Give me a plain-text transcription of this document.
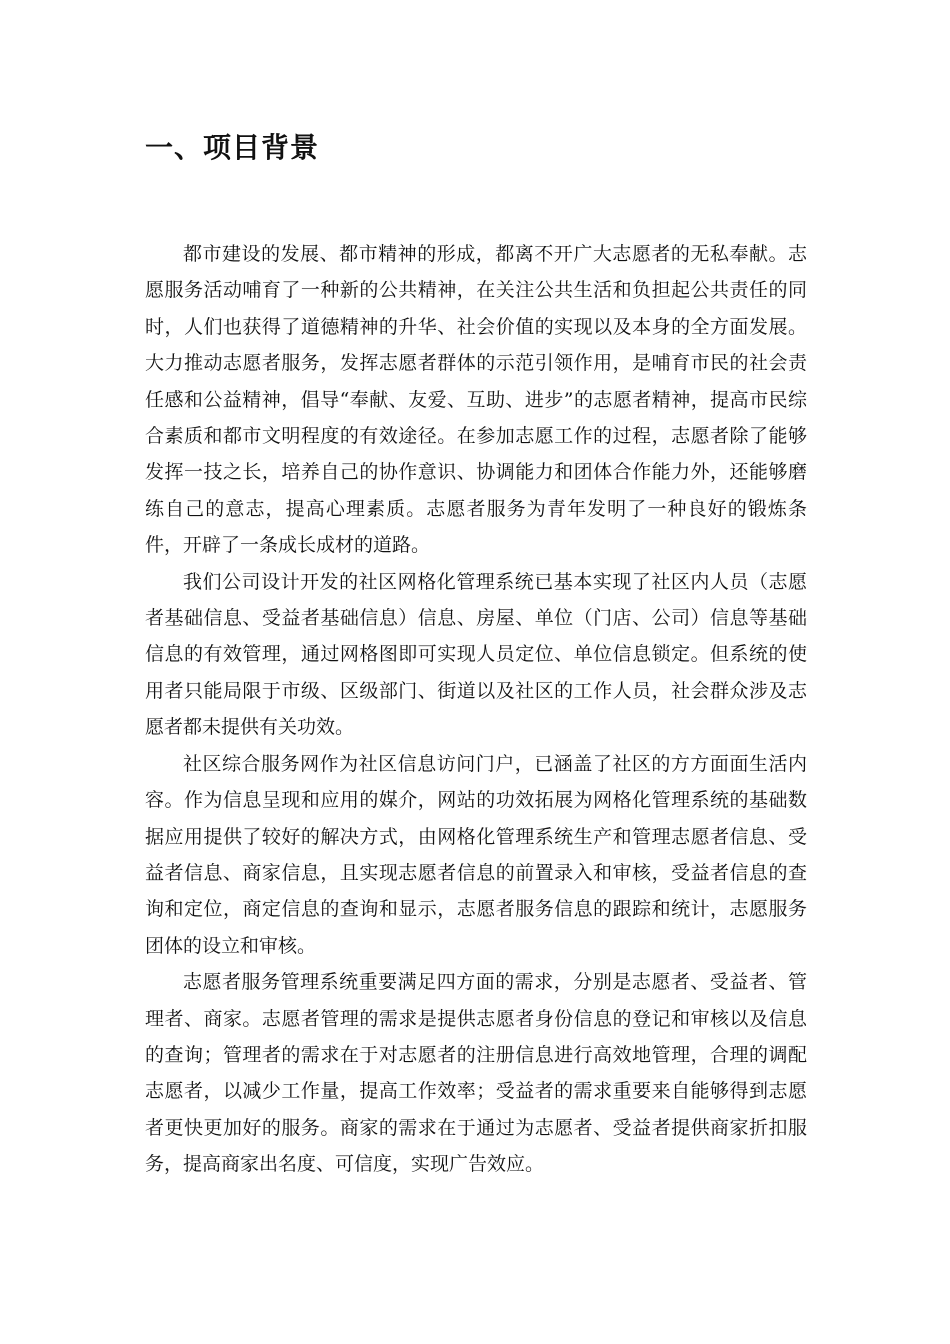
一、项目背景

都市建设的发展、都市精神的形成，都离不开广大志愿者的无私奉献。志愿服务活动哺育了一种新的公共精神，在关注公共生活和负担起公共责任的同时，人们也获得了道德精神的升华、社会价值的实现以及本身的全方面发展。大力推动志愿者服务，发挥志愿者群体的示范引领作用，是哺育市民的社会责任感和公益精神，倡导“奉献、友爱、互助、进步”的志愿者精神，提高市民综合素质和都市文明程度的有效途径。在参加志愿工作的过程，志愿者除了能够发挥一技之长，培养自己的协作意识、协调能力和团体合作能力外，还能够磨练自己的意志，提高心理素质。志愿者服务为青年发明了一种良好的锻炼条件，开辟了一条成长成材的道路。

我们公司设计开发的社区网格化管理系统已基本实现了社区内人员（志愿者基础信息、受益者基础信息）信息、房屋、单位（门店、公司）信息等基础信息的有效管理，通过网格图即可实现人员定位、单位信息锁定。但系统的使用者只能局限于市级、区级部门、街道以及社区的工作人员，社会群众涉及志愿者都未提供有关功效。

社区综合服务网作为社区信息访问门户，已涵盖了社区的方方面面生活内容。作为信息呈现和应用的媒介，网站的功效拓展为网格化管理系统的基础数据应用提供了较好的解决方式，由网格化管理系统生产和管理志愿者信息、受益者信息、商家信息，且实现志愿者信息的前置录入和审核，受益者信息的查询和定位，商定信息的查询和显示，志愿者服务信息的跟踪和统计，志愿服务团体的设立和审核。

志愿者服务管理系统重要满足四方面的需求，分别是志愿者、受益者、管理者、商家。志愿者管理的需求是提供志愿者身份信息的登记和审核以及信息的查询；管理者的需求在于对志愿者的注册信息进行高效地管理，合理的调配志愿者，以减少工作量，提高工作效率；受益者的需求重要来自能够得到志愿者更快更加好的服务。商家的需求在于通过为志愿者、受益者提供商家折扣服务，提高商家出名度、可信度，实现广告效应。
